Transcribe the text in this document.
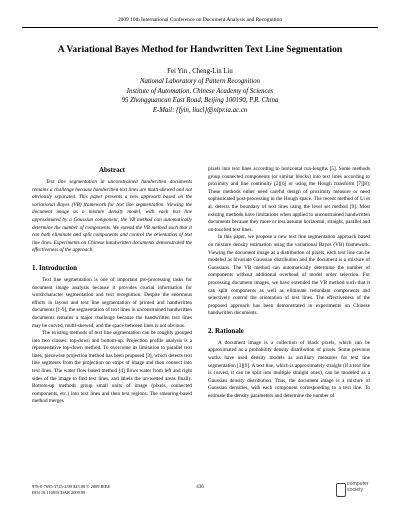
2009 10th International Conference on Document Analysis and Recognition
A Variational Bayes Method for Handwritten Text Line Segmentation
Fei Yin , Cheng-Lin Liu
National Laboratory of Pattern Recognition
Institute of Automation, Chinese Academy of Sciences
95 Zhongguancun East Road, Beijing 100190, P.R. China
E-Mail: {fyin, liucl}@nlpr.ia.ac.cn
Abstract

Text line segmentation in unconstrained handwritten documents remains a challenge because handwritten text lines are multi-skewed and not obviously separated. This paper presents a new approach based on the variational Bayes (VB) framework for text line segmentation. Viewing the document image as a mixture density model, with each text line approximated by a Gaussian component, the VB method can automatically determine the number of components. We extend the VB method such that it can both eliminate and split components and control the orientation of text line lines. Experiments on Chinese handwritten documents demonstrated the effectiveness of the approach.

1. Introduction

Text line segmentation is one of important pre-processing tasks for document image analysis because it provides crucial information for word/character segmentation and text recognition. Despite the enormous efforts in layout and text line segmentation of printed and handwritten documents [1-9], the segmentation of text lines in unconstrained handwritten documents remains a major challenge because the handwritten text lines may be curved, multi-skewed, and the space between lines is not obvious.

The existing methods of text line segmentation can be roughly grouped into two classes: top-down and bottom-up. Projection profile analysis is a representative top-down method. To overcome its limitation to parallel text lines, piecewise projection method has been proposed [3], which detects text line segments from the projection on strips of image and then connect into text lines. The water flow based method [4] flows water from left and right sides of the image to find text lines, and labels the un-wetted areas finally. Bottom-up methods group small units of image (pixels, connected components, etc.) into text lines and then text regions. The smearing-based method merges

pixels into text lines according to horizontal run-lengths [5]. Some methods group connected components (or similar blocks) into text lines according to proximity and line continuity [2][6] or using the Hough transform [7][8]. These methods either need careful design of proximity measure or need sophisticated post-processing in the Hough space. The recent method of Li et al. detects the boundary of text lines using the level set method [9]. Most existing methods have limitations when applied to unconstrained handwritten documents because they more or less assume horizontal, straight, parallel and un-touched text lines.

In this paper, we propose a new text line segmentation approach based on mixture density estimation using the variational Bayes (VB) framework. Viewing the document image as a distribution of pixels, each text line can be modeled as bivariate Gaussian distribution and the document is a mixture of Gaussians. The VB method can automatically determine the number of components without additional overhead of model order selection. For processing document images, we have extended the VB method such that it can split components as well as eliminate redundant components and selectively control the orientation of text lines. The effectiveness of the proposed approach has been demonstrated in experiments on Chinese handwritten documents.

2. Rationale

A document image is a collection of black pixels, which can be approximated as a probability density distribution of pixels. Some previous works have used density models as auxiliary measures for text line segmentation [3][9]. A text line, which is approximately straight (if a text line is curved, it can be split into multiple straight ones), can be modeled as a Gaussian density distribution. Thus, the document image is a mixture of Gaussian densities, with each component corresponding to a text line. To estimate the density parameters and determine the number of

978-0-7695-3725-2/09 $25.00 © 2009 IEEE
DOI 10.1109/ICDAR.2009.99
436
computer
society
